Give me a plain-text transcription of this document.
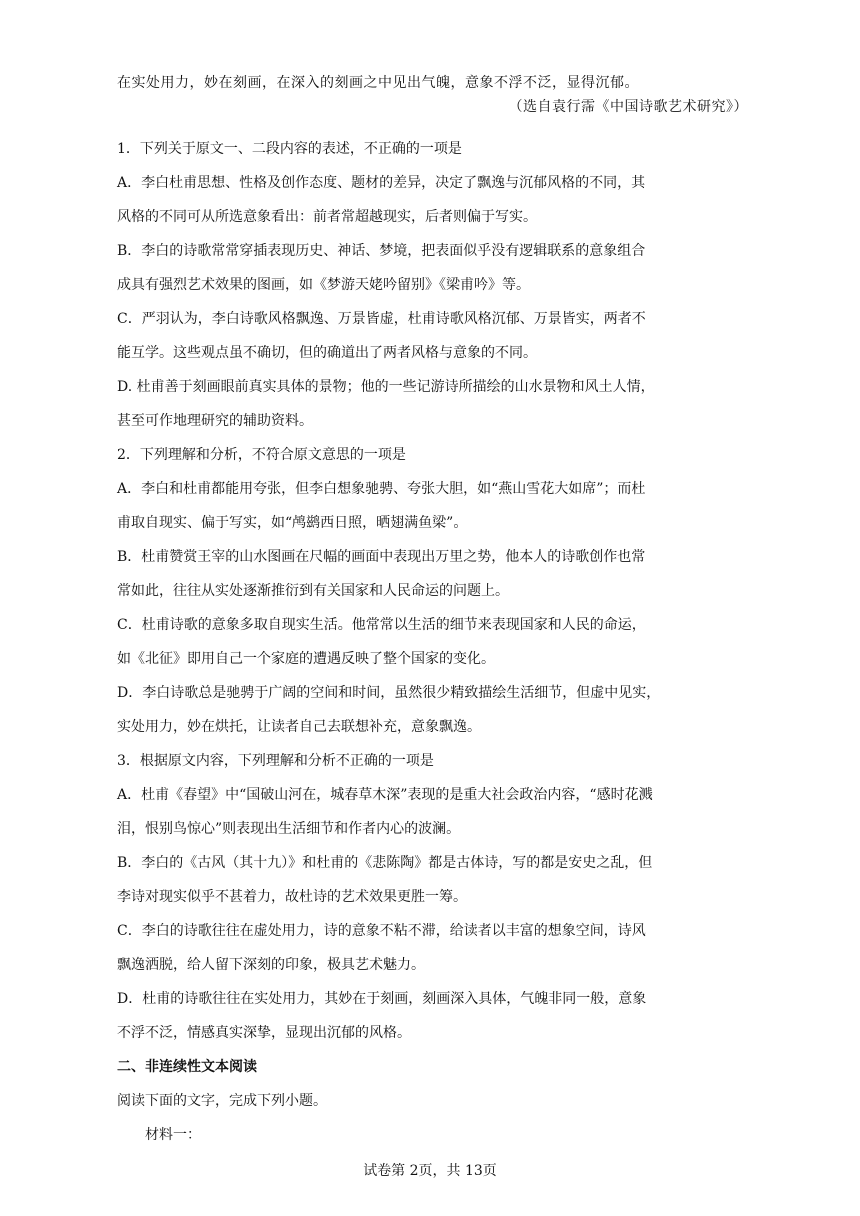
在实处用力，妙在刻画，在深入的刻画之中见出气魄，意象不浮不泛，显得沉郁。
（选自袁行霈《中国诗歌艺术研究》）
1．下列关于原文一、二段内容的表述，不正确的一项是
A．李白杜甫思想、性格及创作态度、题材的差异，决定了飘逸与沉郁风格的不同，其
风格的不同可从所选意象看出：前者常超越现实，后者则偏于写实。
B．李白的诗歌常常穿插表现历史、神话、梦境，把表面似乎没有逻辑联系的意象组合
成具有强烈艺术效果的图画，如《梦游天姥吟留别》《梁甫吟》等。
C．严羽认为，李白诗歌风格飘逸、万景皆虚，杜甫诗歌风格沉郁、万景皆实，两者不
能互学。这些观点虽不确切，但的确道出了两者风格与意象的不同。
D. 杜甫善于刻画眼前真实具体的景物；他的一些记游诗所描绘的山水景物和风土人情，
甚至可作地理研究的辅助资料。
2．下列理解和分析，不符合原文意思的一项是
A．李白和杜甫都能用夸张，但李白想象驰骋、夸张大胆，如“燕山雪花大如席”；而杜
甫取自现实、偏于写实，如“鸬鹚西日照，晒翅满鱼梁”。
B．杜甫赞赏王宰的山水图画在尺幅的画面中表现出万里之势，他本人的诗歌创作也常
常如此，往往从实处逐渐推衍到有关国家和人民命运的问题上。
C．杜甫诗歌的意象多取自现实生活。他常常以生活的细节来表现国家和人民的命运，
如《北征》即用自己一个家庭的遭遇反映了整个国家的变化。
D．李白诗歌总是驰骋于广阔的空间和时间，虽然很少精致描绘生活细节，但虚中见实，
实处用力，妙在烘托，让读者自己去联想补充，意象飘逸。
3．根据原文内容，下列理解和分析不正确的一项是
A．杜甫《春望》中“国破山河在，城春草木深”表现的是重大社会政治内容，“感时花溅
泪，恨别鸟惊心”则表现出生活细节和作者内心的波澜。
B．李白的《古风（其十九）》和杜甫的《悲陈陶》都是古体诗，写的都是安史之乱，但
李诗对现实似乎不甚着力，故杜诗的艺术效果更胜一筹。
C．李白的诗歌往往在虚处用力，诗的意象不粘不滞，给读者以丰富的想象空间，诗风
飘逸洒脱，给人留下深刻的印象，极具艺术魅力。
D．杜甫的诗歌往往在实处用力，其妙在于刻画，刻画深入具体，气魄非同一般，意象
不浮不泛，情感真实深挚，显现出沉郁的风格。
二、非连续性文本阅读
阅读下面的文字，完成下列小题。
材料一：
试卷第 2页，共 13页
